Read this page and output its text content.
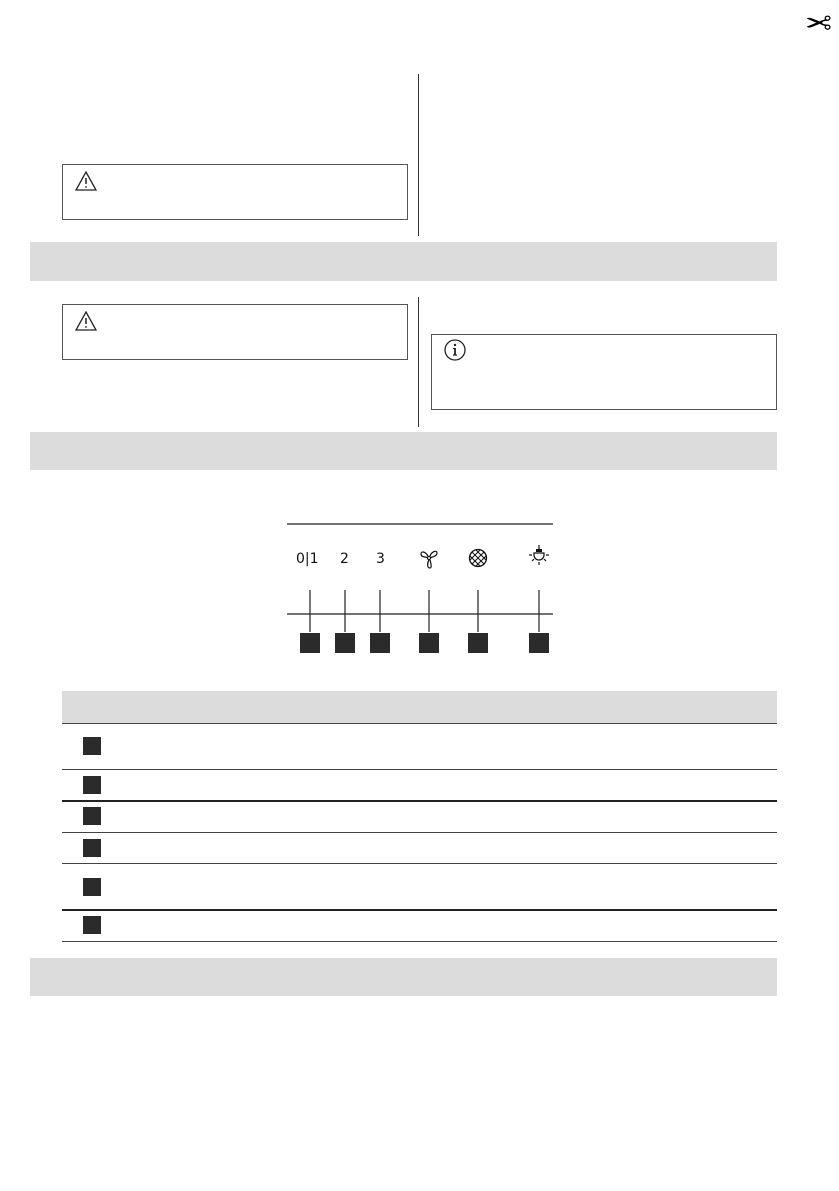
✂
0|1 2 3
